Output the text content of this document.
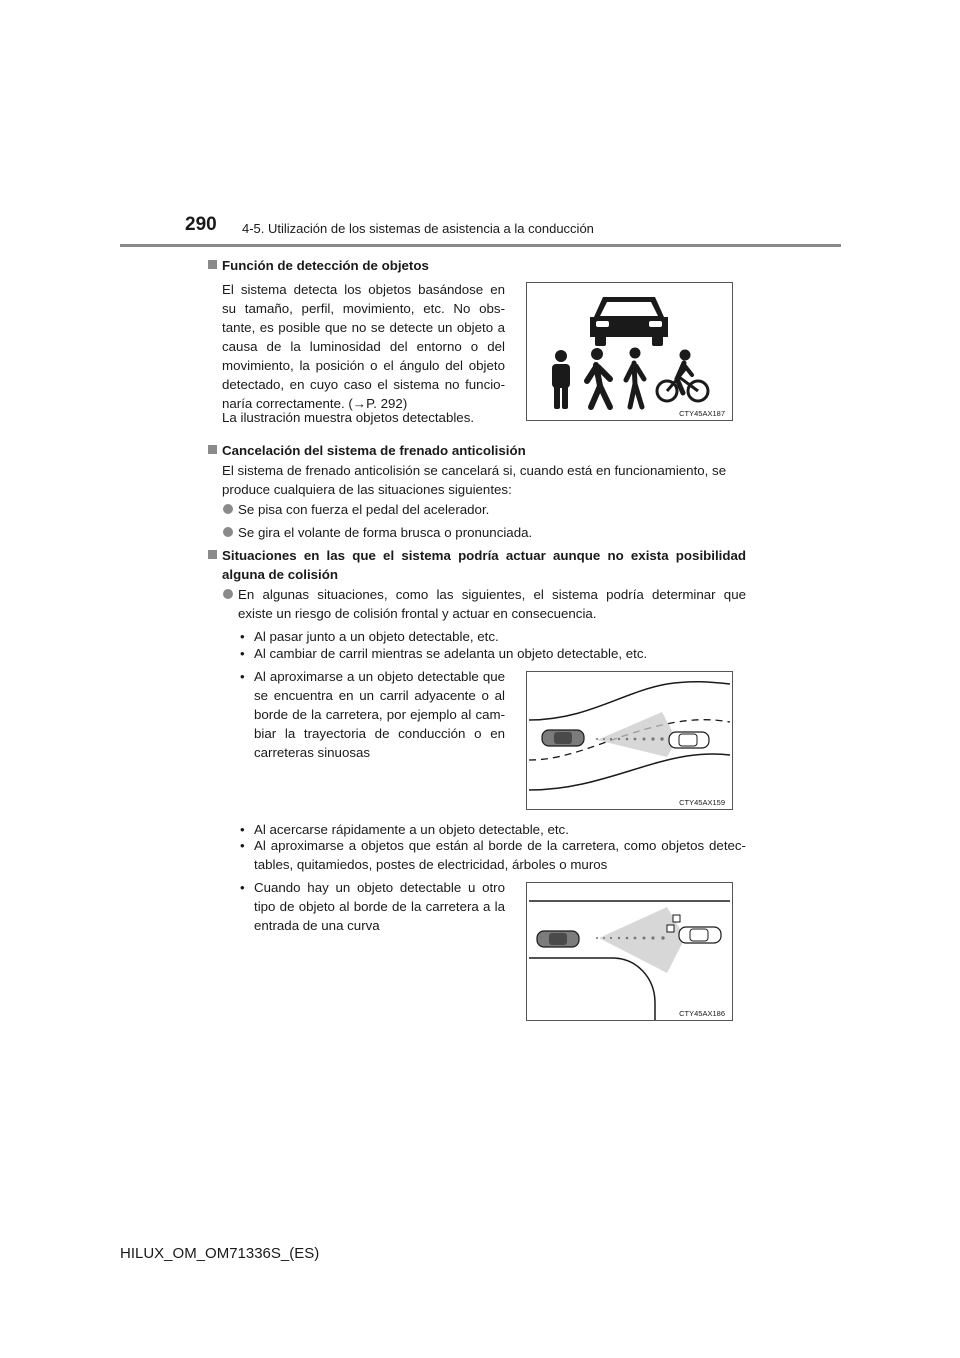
290 4-5. Utilización de los sistemas de asistencia a la conducción
Función de detección de objetos
El sistema detecta los objetos basándose en
su tamaño, perfil, movimiento, etc. No obs-
tante, es posible que no se detecte un objeto a
causa de la luminosidad del entorno o del
movimiento, la posición o el ángulo del objeto
detectado, en cuyo caso el sistema no funcio-
naría correctamente. (→P. 292)
La ilustración muestra objetos detectables.	CTY45AX187
Cancelación del sistema de frenado anticolisión
El sistema de frenado anticolisión se cancelará si, cuando está en funcionamiento, se
produce cualquiera de las situaciones siguientes:
Se pisa con fuerza el pedal del acelerador.
Se gira el volante de forma brusca o pronunciada.
Situaciones en las que el sistema podría actuar aunque no exista posibilidad
alguna de colisión
En algunas situaciones, como las siguientes, el sistema podría determinar que
existe un riesgo de colisión frontal y actuar en consecuencia.
• Al pasar junto a un objeto detectable, etc.
• Al cambiar de carril mientras se adelanta un objeto detectable, etc.
• Al aproximarse a un objeto detectable que
se encuentra en un carril adyacente o al
borde de la carretera, por ejemplo al cam-
biar la trayectoria de conducción o en
carreteras sinuosas
CTY45AX159
• Al acercarse rápidamente a un objeto detectable, etc.
• Al aproximarse a objetos que están al borde de la carretera, como objetos detec-
tables, quitamiedos, postes de electricidad, árboles o muros
• Cuando hay un objeto detectable u otro
tipo de objeto al borde de la carretera a la
entrada de una curva
CTY45AX186
HILUX_OM_OM71336S_(ES)
